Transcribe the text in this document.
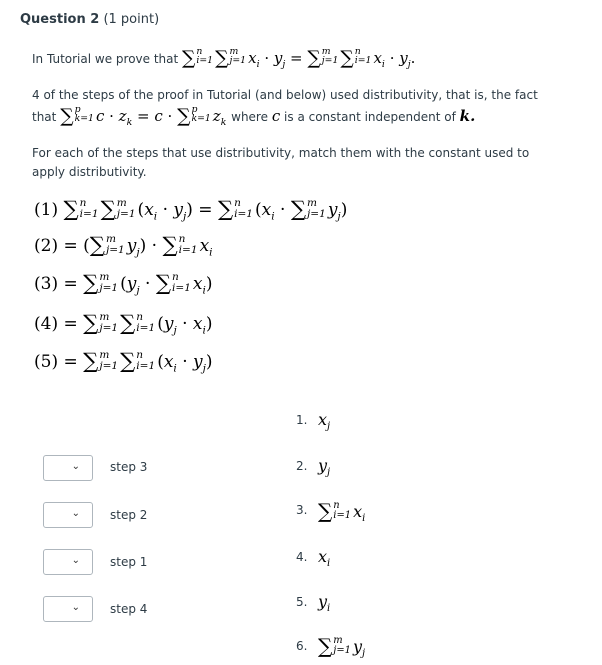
Question 2 (1 point)
In Tutorial we prove that ∑ n
i=1 ∑ m
j=1 $x_i \cdot y_j$ = ∑ m
j=1 ∑ n
i=1 $x_i \cdot y_j$.
4 of the steps of the proof in Tutorial (and below) used distributivity, that is, the fact
that ∑ p
k=1 $c \cdot z_k = c$ · ∑ p
k=1 $z_k$ where c is a constant independent of k.
For each of the steps that use distributivity, match them with the constant used to
apply distributivity.
(1) ∑ n
i=1 ∑ m
j=1 $(x_i \cdot y_j)$ = ∑ n
i=1 ($x_i$ · ∑ m
j=1 $y_j$)
(2) = (∑ m
j=1 $y_j$) · ∑ n
i=1 $x_i$
(3) = ∑ m
j=1 ($y_j$ · ∑ n
i=1 $x_i$)
(4) = ∑ m
j=1 ∑ n
i=1 $(y_j \cdot x_i)$
(5) = ∑ m
j=1 ∑ n
i=1 $(x_i \cdot y_j)$
⌄	step 3
⌄	step 2
⌄	step 1
⌄	step 4
1. $x_j$
2. $y_j$
3. ∑ n
i=1 $x_i$
4. $x_i$
5. $y_i$
6. ∑ m
j=1 $y_j$
